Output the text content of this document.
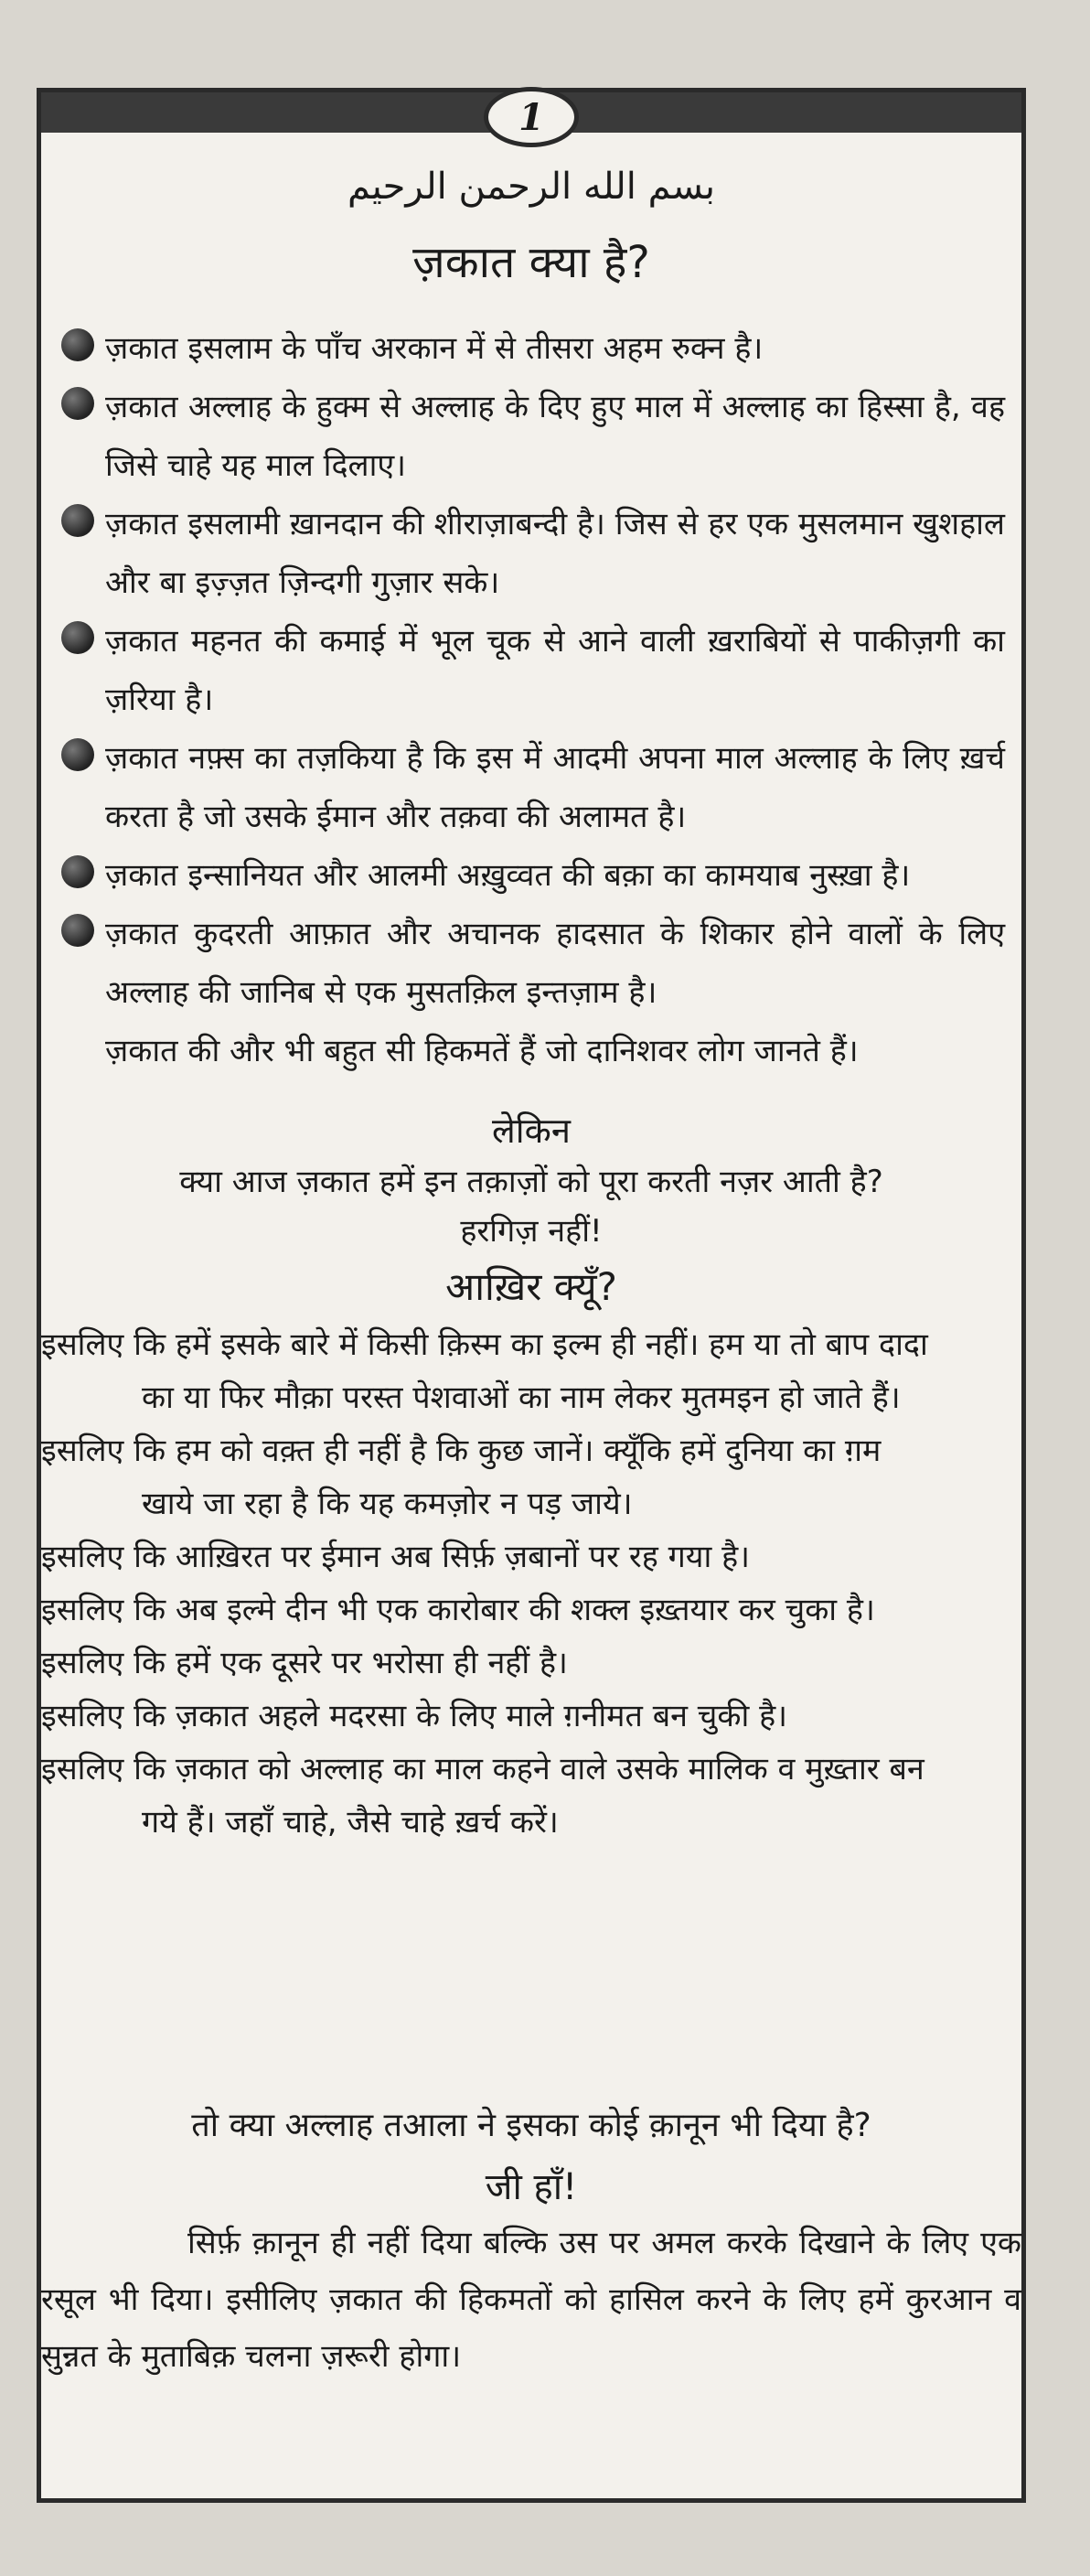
1
بسم الله الرحمن الرحيم
ज़कात क्या है?
ज़कात इसलाम के पाँच अरकान में से तीसरा अहम रुक्न है।
ज़कात अल्लाह के हुक्म से अल्लाह के दिए हुए माल में अल्लाह का हिस्सा है, वह जिसे चाहे यह माल दिलाए।
ज़कात इसलामी ख़ानदान की शीराज़ाबन्दी है। जिस से हर एक मुसलमान खुशहाल और बा इज़्ज़त ज़िन्दगी गुज़ार सके।
ज़कात महनत की कमाई में भूल चूक से आने वाली ख़राबियों से पाकीज़गी का ज़रिया है।
ज़कात नफ़्स का तज़किया है कि इस में आदमी अपना माल अल्लाह के लिए ख़र्च करता है जो उसके ईमान और तक़वा की अलामत है।
ज़कात इन्सानियत और आलमी अख़ुव्वत की बक़ा का कामयाब नुस्ख़ा है।
ज़कात कुदरती आफ़ात और अचानक हादसात के शिकार होने वालों के लिए अल्लाह की जानिब से एक मुसतक़िल इन्तज़ाम है।
ज़कात की और भी बहुत सी हिकमतें हैं जो दानिशवर लोग जानते हैं।
लेकिन
क्या आज ज़कात हमें इन तक़ाज़ों को पूरा करती नज़र आती है?
हरगिज़ नहीं!
आख़िर क्यूँ?
इसलिए कि हमें इसके बारे में किसी क़िस्म का इल्म ही नहीं। हम या तो बाप दादा
का या फिर मौक़ा परस्त पेशवाओं का नाम लेकर मुतमइन हो जाते हैं।
इसलिए कि हम को वक़्त ही नहीं है कि कुछ जानें। क्यूँकि हमें दुनिया का ग़म
खाये जा रहा है कि यह कमज़ोर न पड़ जाये।
इसलिए कि आख़िरत पर ईमान अब सिर्फ़ ज़बानों पर रह गया है।
इसलिए कि अब इल्मे दीन भी एक कारोबार की शक्ल इख़्तयार कर चुका है।
इसलिए कि हमें एक दूसरे पर भरोसा ही नहीं है।
इसलिए कि ज़कात अहले मदरसा के लिए माले ग़नीमत बन चुकी है।
इसलिए कि ज़कात को अल्लाह का माल कहने वाले उसके मालिक व मुख़्तार बन
गये हैं। जहाँ चाहे, जैसे चाहे ख़र्च करें।
तो क्या अल्लाह तआला ने इसका कोई क़ानून भी दिया है?
जी हाँ!
सिर्फ़ क़ानून ही नहीं दिया बल्कि उस पर अमल करके दिखाने के लिए एक रसूल भी दिया। इसीलिए ज़कात की हिकमतों को हासिल करने के लिए हमें कुरआन व सुन्नत के मुताबिक़ चलना ज़रूरी होगा।
